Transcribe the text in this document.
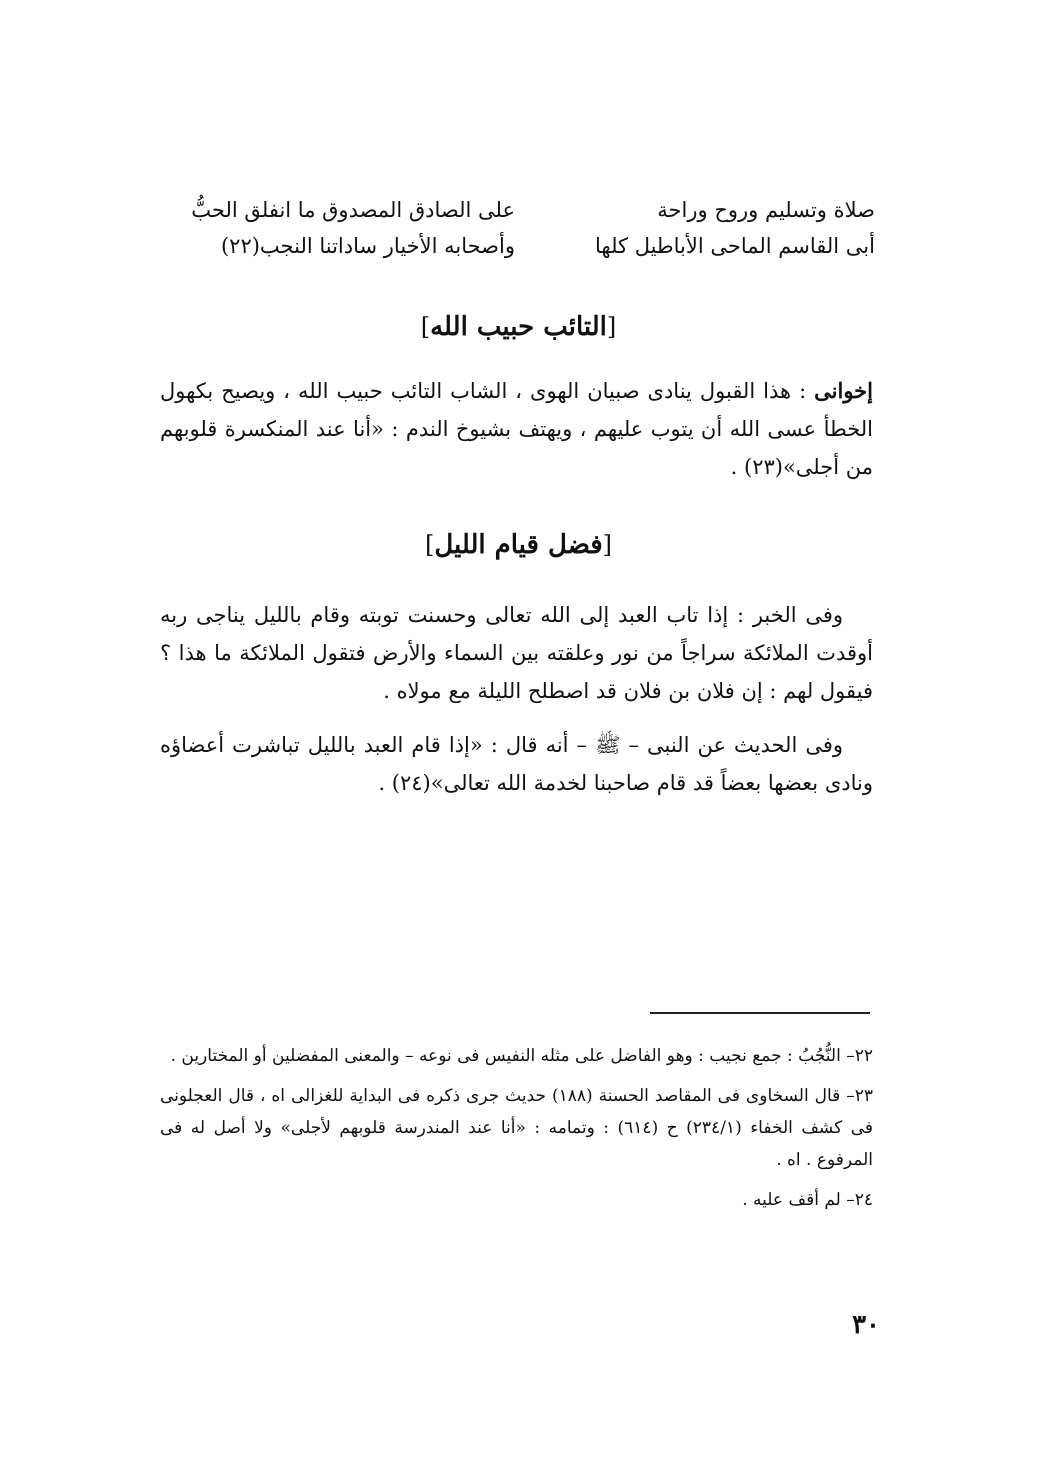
صلاة وتسليم وروح وراحة
على الصادق المصدوق ما انفلق الحبُّ
أبى القاسم الماحى الأباطيل كلها
وأصحابه الأخيار ساداتنا النجب(٢٢)
[التائب حبيب الله]
إخوانى : هذا القبول ينادى صبيان الهوى ، الشاب التائب حبيب الله ، ويصيح بكهول الخطأ عسى الله أن يتوب عليهم ، ويهتف بشيوخ الندم : «أنا عند المنكسرة قلوبهم من أجلى»(٢٣) .
[فضل قيام الليل]
وفى الخبر : إذا تاب العبد إلى الله تعالى وحسنت توبته وقام بالليل يناجى ربه أوقدت الملائكة سراجاً من نور وعلقته بين السماء والأرض فتقول الملائكة ما هذا ؟ فيقول لهم : إن فلان بن فلان قد اصطلح الليلة مع مولاه .
وفى الحديث عن النبى – ﷺ – أنه قال : «إذا قام العبد بالليل تباشرت أعضاؤه ونادى بعضها بعضاً قد قام صاحبنا لخدمة الله تعالى»(٢٤) .

٢٢– النُّجُبُ : جمع نجيب : وهو الفاضل على مثله النفيس فى نوعه – والمعنى المفضلين أو المختارين .

٢٣– قال السخاوى فى المقاصد الحسنة (١٨٨) حديث جرى ذكره فى البداية للغزالى اه ، قال العجلونى فى كشف الخفاء (٢٣٤/١) ح (٦١٤) : وتمامه : «أنا عند المندرسة قلوبهم لأجلى» ولا أصل له فى المرفوع . اه .

٢٤– لم أقف عليه .

٣٠
